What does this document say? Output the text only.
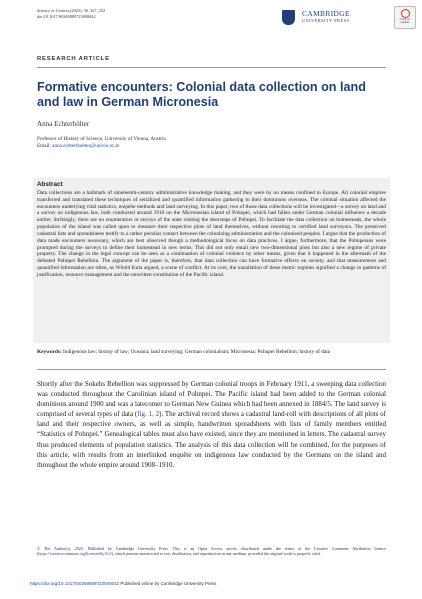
Science in Context (2023), 36, 327–352
doi:10.1017/S0269889723000042
Check for updates

CAMBRIDGE
UNIVERSITY PRESS
RESEARCH ARTICLE
Formative encounters: Colonial data collection on land and law in German Micronesia
Anna Echterhölter
Professor of History of Science, University of Vienna, Austria
Email: anna.echterhoelter@univie.ac.at
Abstract
Data collections are a hallmark of nineteenth-century administrative knowledge making, and they were by no means confined to Europe. All colonial empires transferred and translated these techniques of serialized and quantified information gathering to their dominions overseas. The colonial situation affected the encounters underlying vital statistics, enquête methods and land surveying. In this paper, two of those data collections will be investigated—a survey on land and a survey on indigenous law, both conducted around 1910 on the Micronesian island of Pohnpei, which had fallen under German colonial influence a decade earlier. Strikingly, there are no enumerators or envoys of the state visiting the doorsteps of Pohnpei. To facilitate the data collection on homesteads, the whole population of the island was called upon to measure their respective plots of land themselves, without resorting to certified land surveyors. The preserved cadastral lists and spreadsheets testify to a rather peculiar contact between the colonizing administration and the colonized peoples. I argue that the production of data made encounters necessary, which are best observed though a methodological focus on data practices. I argue, furthermore, that the Pohnpeians were prompted during the surveys to define their homestead in new terms. This did not only entail new two-dimensional plots but also a new regime of private property. The change in the legal concept can be seen as a continuation of colonial violence by other means, given that it happened in the aftermath of the defeated Pohnpei Rebellion. The argument of the paper is, therefore, that data collection can have formative effects on society, and that measurement and quantified information are often, as Witold Kula argued, a scene of conflict. At its core, the installation of these metric regimes signified a change in patterns of justification, resource management and the unwritten constitution of the Pacific island.
Keywords: Indigenous law; history of law; Oceania; land surveying; German colonialism; Micronesia; Pohnpei Rebellion; history of data
Shortly after the Sokehs Rebellion was suppressed by German colonial troops in February 1911, a sweeping data collection was conducted throughout the Carolinian island of Pohnpei. The Pacific island had been added to the German colonial dominions around 1900 and was a latecomer to German New Guinea which had been annexed in 1884/5. The land survey is comprised of several types of data (fig. 1, 2). The archival record shows a cadastral land-roll with descriptions of all plots of land and their respective owners, as well as simple, handwritten spreadsheets with lists of family members entitled “Statistics of Pohnpei.” Genealogical tables must also have existed, since they are mentioned in letters. The cadastral survey thus produced elements of population statistics. The analysis of this data collection will be combined, for the purposes of this article, with results from an interlinked enquête on indigenous law conducted by the Germans on the island and throughout the whole empire around 1908–1910.
© The Author(s), 2023. Published by Cambridge University Press. This is an Open Access article, distributed under the terms of the Creative Commons Attribution licence (https://creativecommons.org/licenses/by/4.0/), which permits unrestricted re-use, distribution, and reproduction in any medium, provided the original work is properly cited.
https://doi.org/10.1017/S0269889723000042 Published online by Cambridge University Press
